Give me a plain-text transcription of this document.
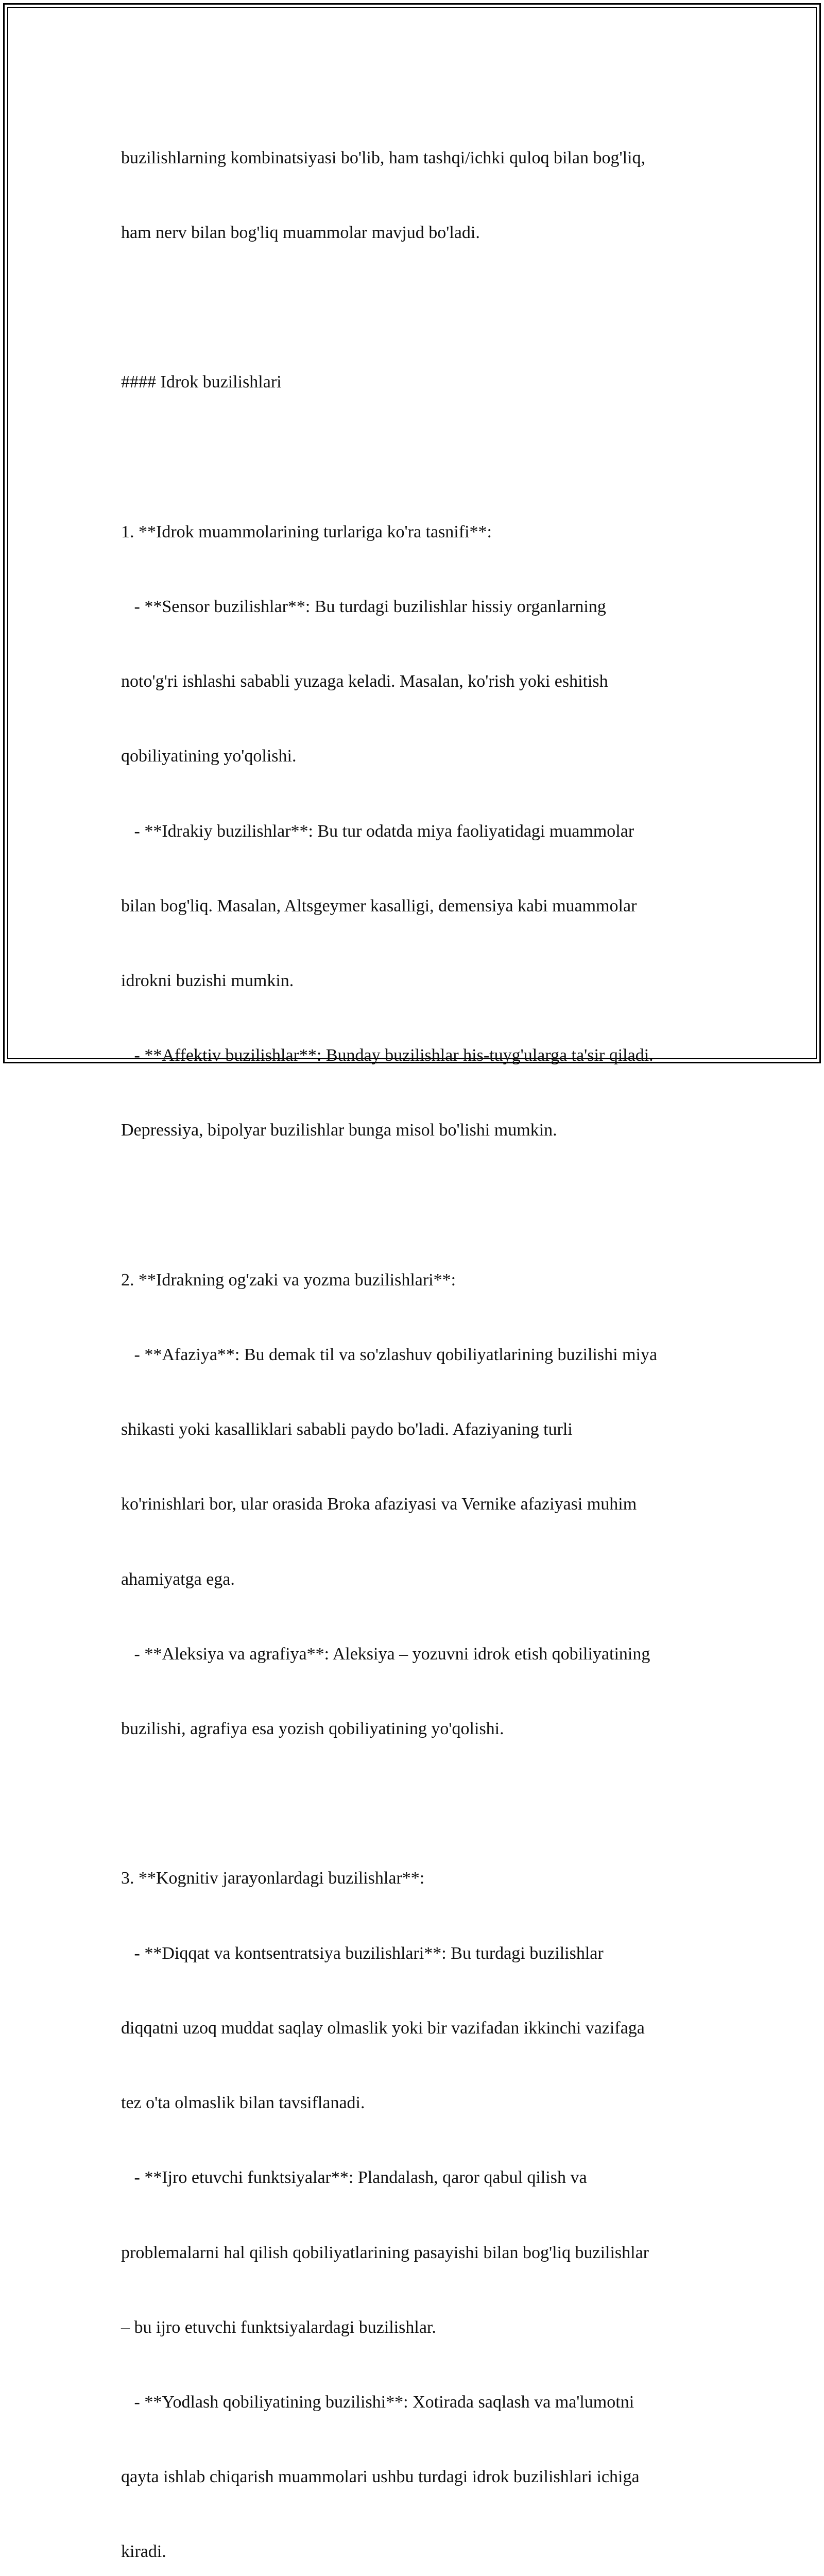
buzilishlarning kombinatsiyasi bo'lib, ham tashqi/ichki quloq bilan bog'liq,

ham nerv bilan bog'liq muammolar mavjud bo'ladi.

#### Idrok buzilishlari

1. **Idrok muammolarining turlariga ko'ra tasnifi**:

- **Sensor buzilishlar**: Bu turdagi buzilishlar hissiy organlarning

noto'g'ri ishlashi sababli yuzaga keladi. Masalan, ko'rish yoki eshitish

qobiliyatining yo'qolishi.

- **Idrakiy buzilishlar**: Bu tur odatda miya faoliyatidagi muammolar

bilan bog'liq. Masalan, Altsgeymer kasalligi, demensiya kabi muammolar

idrokni buzishi mumkin.

- **Affektiv buzilishlar**: Bunday buzilishlar his-tuyg'ularga ta'sir qiladi.

Depressiya, bipolyar buzilishlar bunga misol bo'lishi mumkin.

2. **Idrakning og'zaki va yozma buzilishlari**:

- **Afaziya**: Bu demak til va so'zlashuv qobiliyatlarining buzilishi miya

shikasti yoki kasalliklari sababli paydo bo'ladi. Afaziyaning turli

ko'rinishlari bor, ular orasida Broka afaziyasi va Vernike afaziyasi muhim

ahamiyatga ega.

- **Aleksiya va agrafiya**: Aleksiya – yozuvni idrok etish qobiliyatining

buzilishi, agrafiya esa yozish qobiliyatining yo'qolishi.

3. **Kognitiv jarayonlardagi buzilishlar**:

- **Diqqat va kontsentratsiya buzilishlari**: Bu turdagi buzilishlar

diqqatni uzoq muddat saqlay olmaslik yoki bir vazifadan ikkinchi vazifaga

tez o'ta olmaslik bilan tavsiflanadi.

- **Ijro etuvchi funktsiyalar**: Plandalash, qaror qabul qilish va

problemalarni hal qilish qobiliyatlarining pasayishi bilan bog'liq buzilishlar

– bu ijro etuvchi funktsiyalardagi buzilishlar.

- **Yodlash qobiliyatining buzilishi**: Xotirada saqlash va ma'lumotni

qayta ishlab chiqarish muammolari ushbu turdagi idrok buzilishlari ichiga

kiradi.
